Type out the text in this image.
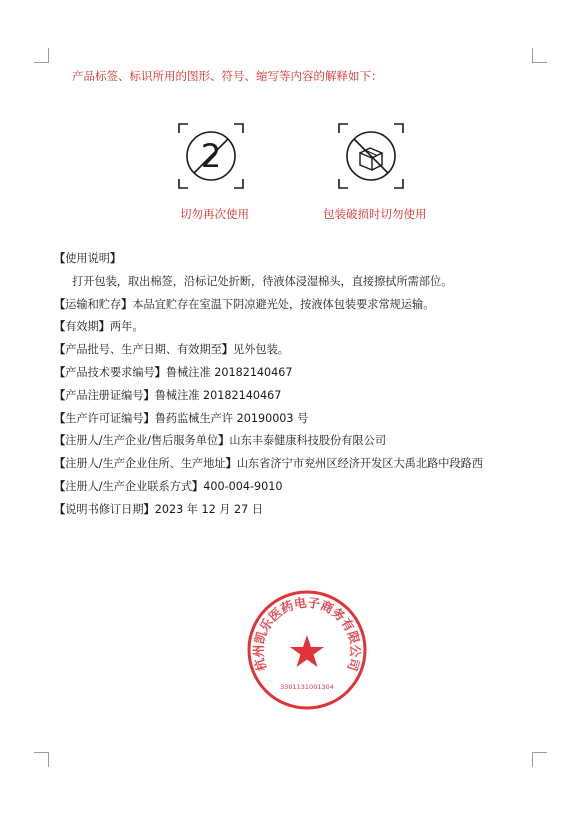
产品标签、标识所用的图形、符号、缩写等内容的解释如下：
2
切勿再次使用	包装破损时切勿使用
【使用说明】
打开包装，取出棉签，沿标记处折断，待液体浸湿棉头，直接擦拭所需部位。
【运输和贮存】本品宜贮存在室温下阴凉避光处，按液体包装要求常规运输。
【有效期】两年。
【产品批号、生产日期、有效期至】见外包装。
【产品技术要求编号】鲁械注准 20182140467
【产品注册证编号】鲁械注准 20182140467
【生产许可证编号】鲁药监械生产许 20190003 号
【注册人/生产企业/售后服务单位】山东丰泰健康科技股份有限公司
【注册人/生产企业住所、生产地址】山东省济宁市兖州区经济开发区大禹北路中段路西
【注册人/生产企业联系方式】400-004-9010
【说明书修订日期】2023 年 12 月 27 日
杭州凯乐医药电子商务有限公司
3301131001304
